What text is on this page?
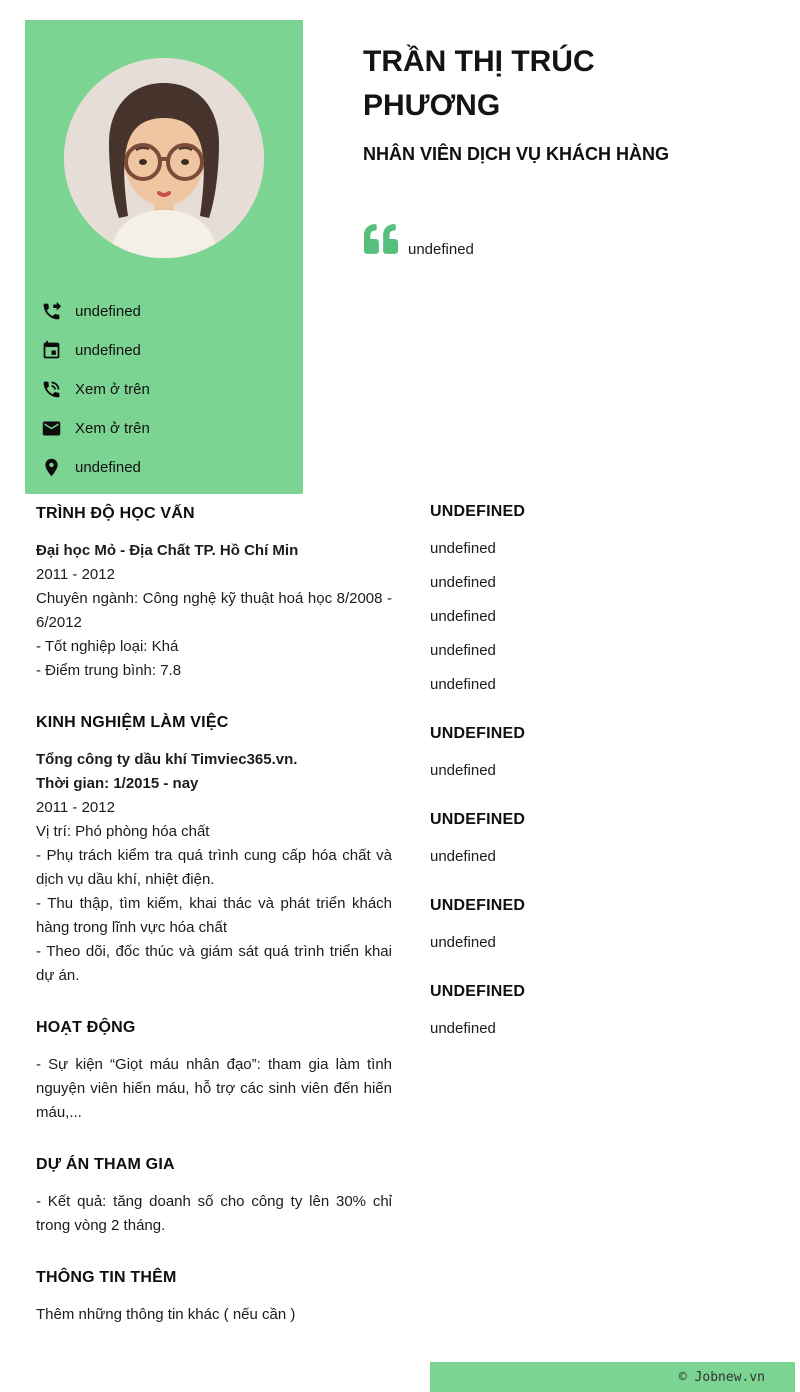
undefined
undefined
Xem ở trên
Xem ở trên
undefined
TRẦN THỊ TRÚC PHƯƠNG
NHÂN VIÊN DỊCH VỤ KHÁCH HÀNG
undefined
TRÌNH ĐỘ HỌC VẤN

Đại học Mỏ - Địa Chất TP. Hồ Chí Min

2011 - 2012

Chuyên ngành: Công nghệ kỹ thuật hoá học 8/2008 - 6/2012

- Tốt nghiệp loại: Khá

- Điểm trung bình: 7.8

KINH NGHIỆM LÀM VIỆC

Tổng công ty dầu khí Timviec365.vn.

Thời gian: 1/2015 - nay

2011 - 2012

Vị trí: Phó phòng hóa chất

- Phụ trách kiểm tra quá trình cung cấp hóa chất và dịch vụ dầu khí, nhiệt điện.

- Thu thập, tìm kiếm, khai thác và phát triển khách hàng trong lĩnh vực hóa chất

- Theo dõi, đốc thúc và giám sát quá trình triển khai dự án.

HOẠT ĐỘNG

- Sự kiện “Giọt máu nhân đạo”: tham gia làm tình nguyện viên hiến máu, hỗ trợ các sinh viên đến hiến máu,...

DỰ ÁN THAM GIA

- Kết quả: tăng doanh số cho công ty lên 30% chỉ trong vòng 2 tháng.

THÔNG TIN THÊM

Thêm những thông tin khác ( nếu cần )

UNDEFINED

undefined

undefined

undefined

undefined

undefined

UNDEFINED

undefined

UNDEFINED

undefined

UNDEFINED

undefined

UNDEFINED

undefined

© Jobnew.vn
